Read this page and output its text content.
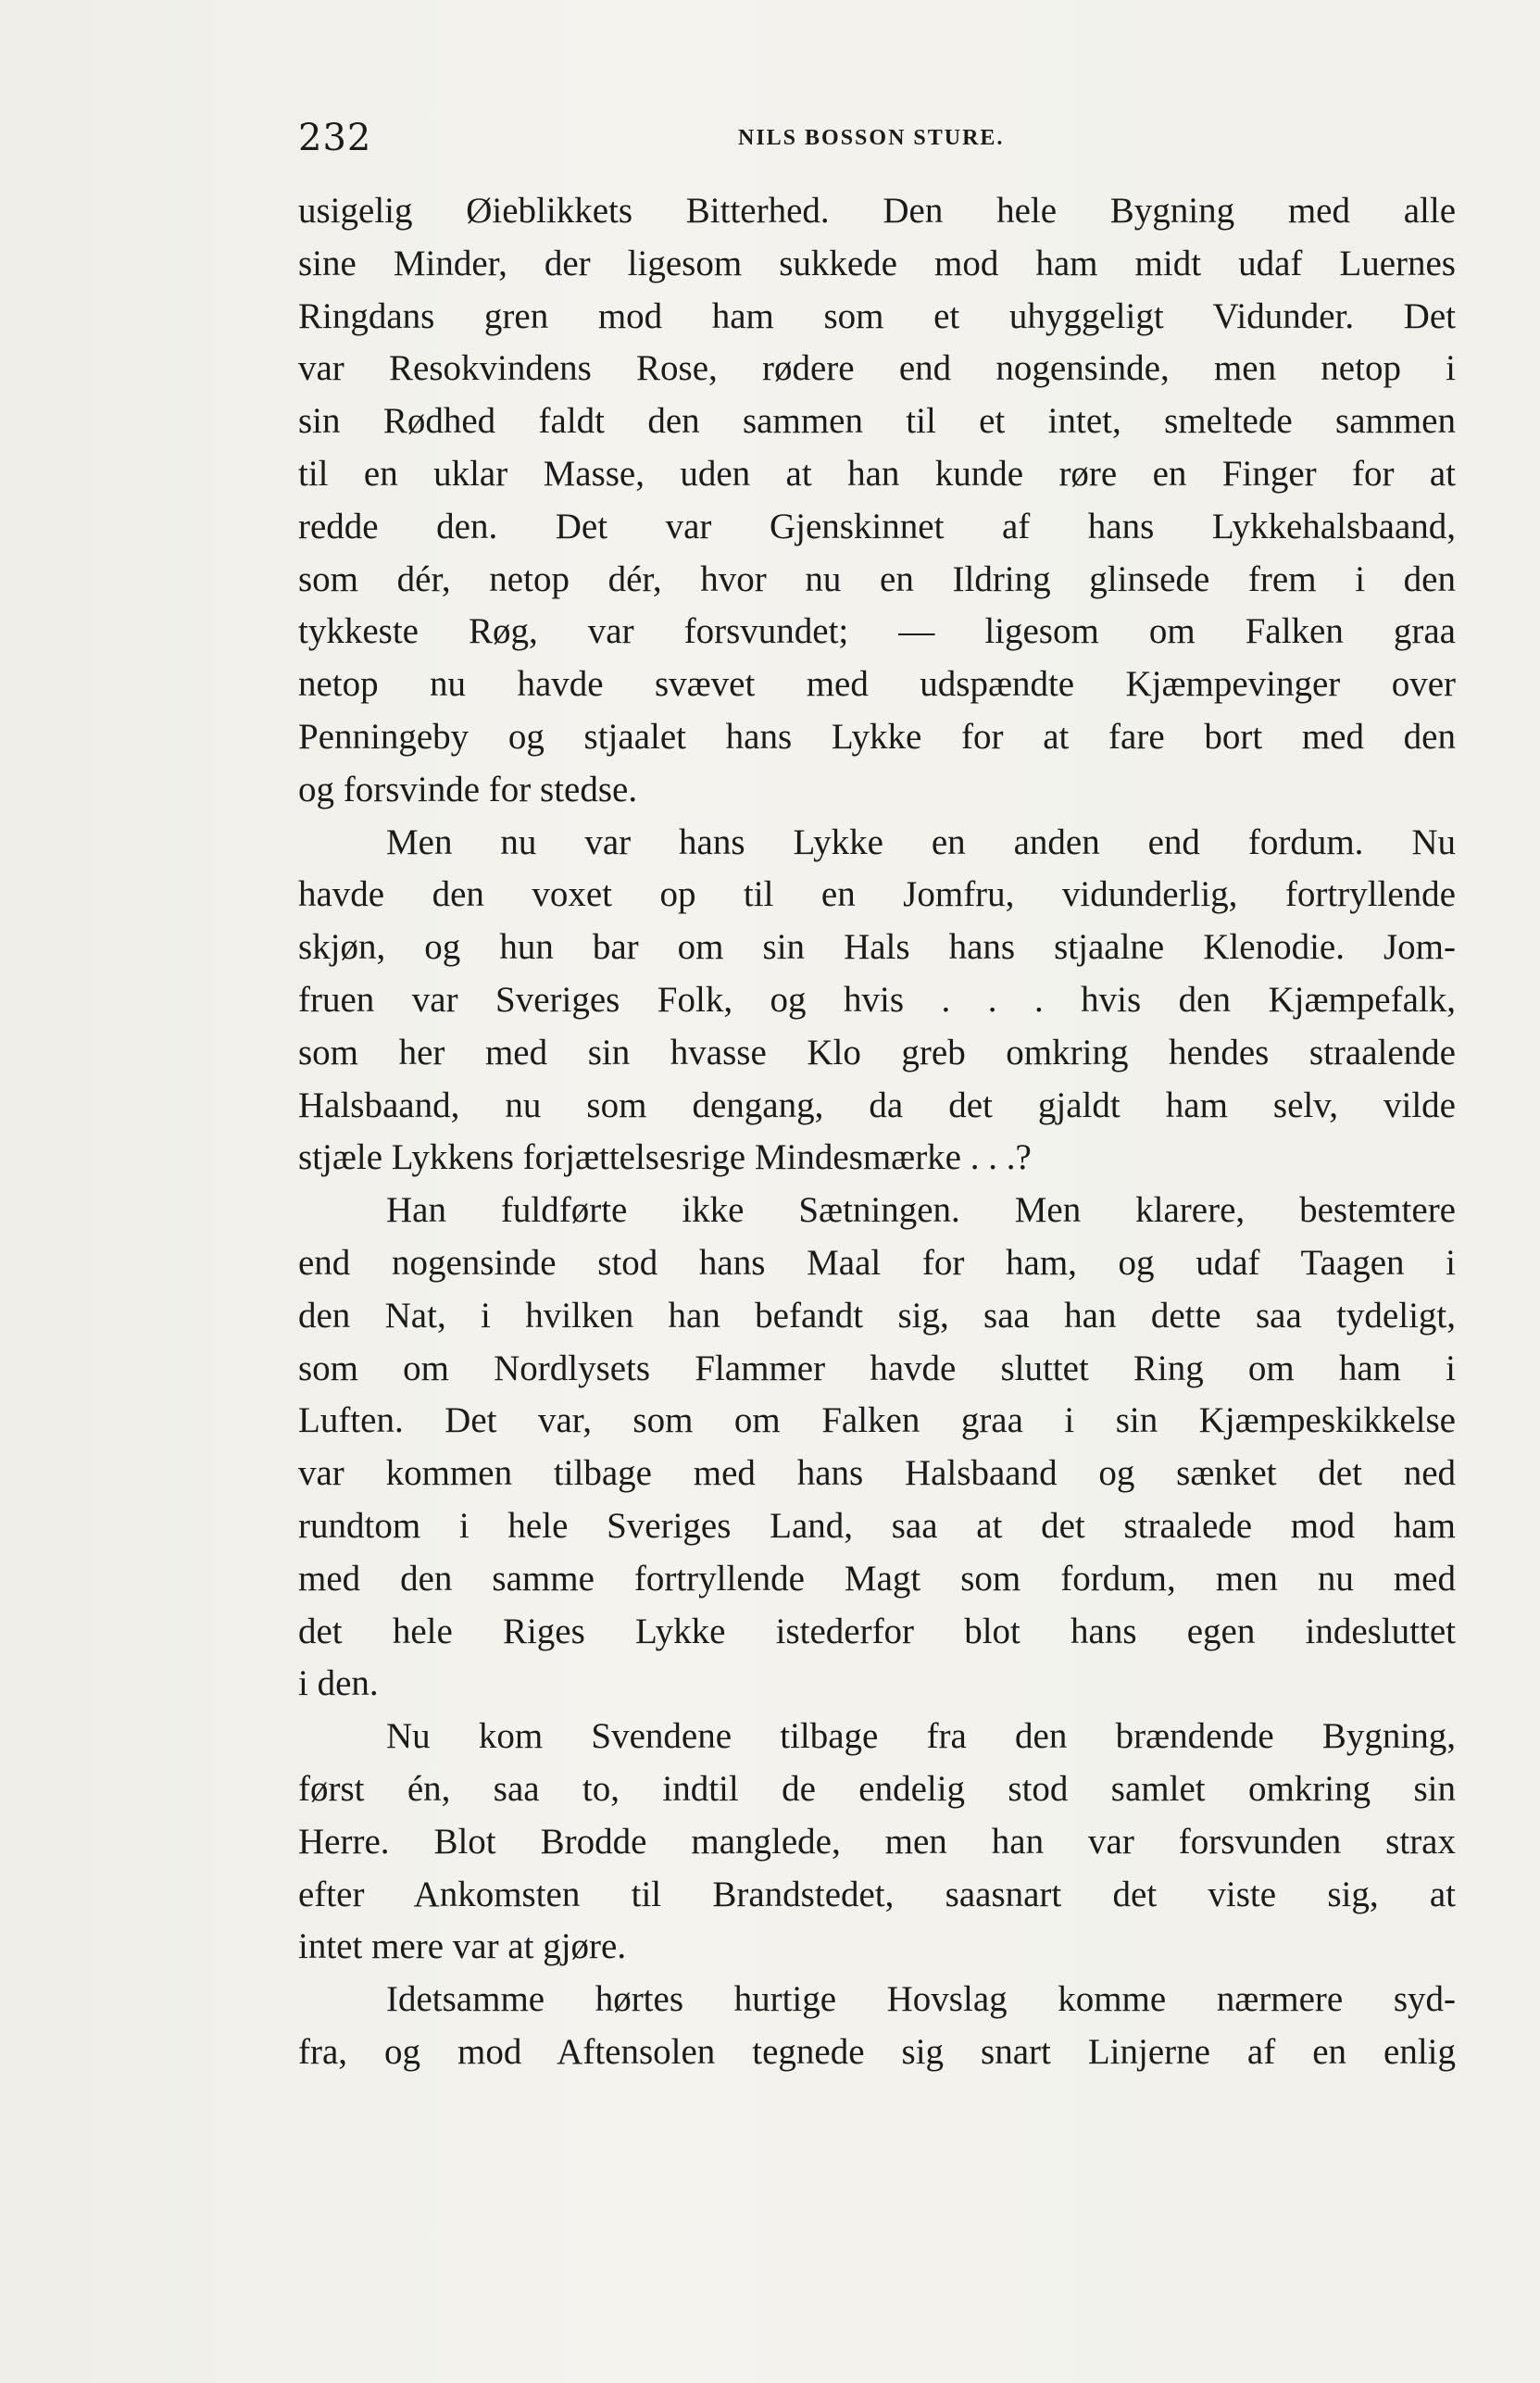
232	NILS BOSSON STURE.
usigelig Øieblikkets Bitterhed. Den hele Bygning med alle
sine Minder, der ligesom sukkede mod ham midt udaf Luernes
Ringdans gren mod ham som et uhyggeligt Vidunder. Det
var Resokvindens Rose, rødere end nogensinde, men netop i
sin Rødhed faldt den sammen til et intet, smeltede sammen
til en uklar Masse, uden at han kunde røre en Finger for at
redde den. Det var Gjenskinnet af hans Lykkehalsbaand,
som dér, netop dér, hvor nu en Ildring glinsede frem i den
tykkeste Røg, var forsvundet; — ligesom om Falken graa
netop nu havde svævet med udspændte Kjæmpevinger over
Penningeby og stjaalet hans Lykke for at fare bort med den
og forsvinde for stedse.
Men nu var hans Lykke en anden end fordum. Nu
havde den voxet op til en Jomfru, vidunderlig, fortryllende
skjøn, og hun bar om sin Hals hans stjaalne Klenodie. Jom-
fruen var Sveriges Folk, og hvis . . . hvis den Kjæmpefalk,
som her med sin hvasse Klo greb omkring hendes straalende
Halsbaand, nu som dengang, da det gjaldt ham selv, vilde
stjæle Lykkens forjættelsesrige Mindesmærke . . .?
Han fuldførte ikke Sætningen. Men klarere, bestemtere
end nogensinde stod hans Maal for ham, og udaf Taagen i
den Nat, i hvilken han befandt sig, saa han dette saa tydeligt,
som om Nordlysets Flammer havde sluttet Ring om ham i
Luften. Det var, som om Falken graa i sin Kjæmpeskikkelse
var kommen tilbage med hans Halsbaand og sænket det ned
rundtom i hele Sveriges Land, saa at det straalede mod ham
med den samme fortryllende Magt som fordum, men nu med
det hele Riges Lykke istederfor blot hans egen indesluttet
i den.
Nu kom Svendene tilbage fra den brændende Bygning,
først én, saa to, indtil de endelig stod samlet omkring sin
Herre. Blot Brodde manglede, men han var forsvunden strax
efter Ankomsten til Brandstedet, saasnart det viste sig, at
intet mere var at gjøre.
Idetsamme hørtes hurtige Hovslag komme nærmere syd-
fra, og mod Aftensolen tegnede sig snart Linjerne af en enlig
